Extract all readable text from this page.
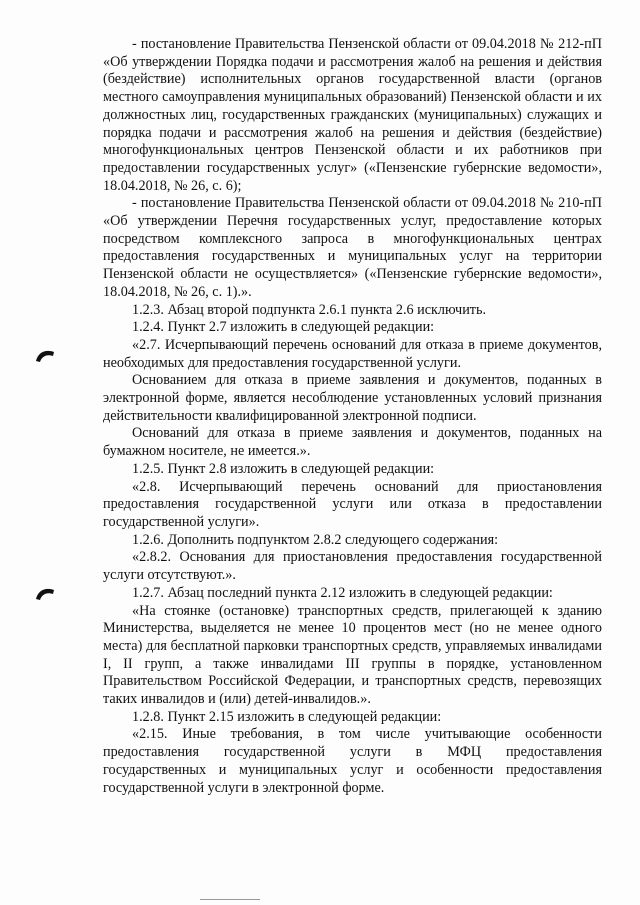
- постановление Правительства Пензенской области от 09.04.2018 № 212-пП «Об утверждении Порядка подачи и рассмотрения жалоб на решения и действия (бездействие) исполнительных органов государственной власти (органов местного самоуправления муниципальных образований) Пензенской области и их должностных лиц, государственных гражданских (муниципальных) служащих и порядка подачи и рассмотрения жалоб на решения и действия (бездействие) многофункциональных центров Пензенской области и их работников при предоставлении государственных услуг» («Пензенские губернские ведомости», 18.04.2018, № 26, с. 6);

- постановление Правительства Пензенской области от 09.04.2018 № 210-пП «Об утверждении Перечня государственных услуг, предоставление которых посредством комплексного запроса в многофункциональных центрах предоставления государственных и муниципальных услуг на территории Пензенской области не осуществляется» («Пензенские губернские ведомости», 18.04.2018, № 26, с. 1).».

1.2.3. Абзац второй подпункта 2.6.1 пункта 2.6 исключить.

1.2.4. Пункт 2.7 изложить в следующей редакции:

«2.7. Исчерпывающий перечень оснований для отказа в приеме документов, необходимых для предоставления государственной услуги.

Основанием для отказа в приеме заявления и документов, поданных в электронной форме, является несоблюдение установленных условий признания действительности квалифицированной электронной подписи.

Оснований для отказа в приеме заявления и документов, поданных на бумажном носителе, не имеется.».

1.2.5. Пункт 2.8 изложить в следующей редакции:

«2.8. Исчерпывающий перечень оснований для приостановления предоставления государственной услуги или отказа в предоставлении государственной услуги».

1.2.6. Дополнить подпунктом 2.8.2 следующего содержания:

«2.8.2. Основания для приостановления предоставления государственной услуги отсутствуют.».

1.2.7. Абзац последний пункта 2.12 изложить в следующей редакции:

«На стоянке (остановке) транспортных средств, прилегающей к зданию Министерства, выделяется не менее 10 процентов мест (но не менее одного места) для бесплатной парковки транспортных средств, управляемых инвалидами I, II групп, а также инвалидами III группы в порядке, установленном Правительством Российской Федерации, и транспортных средств, перевозящих таких инвалидов и (или) детей-инвалидов.».

1.2.8. Пункт 2.15 изложить в следующей редакции:

«2.15. Иные требования, в том числе учитывающие особенности предоставления государственной услуги в МФЦ предоставления государственных и муниципальных услуг и особенности предоставления государственной услуги в электронной форме.
